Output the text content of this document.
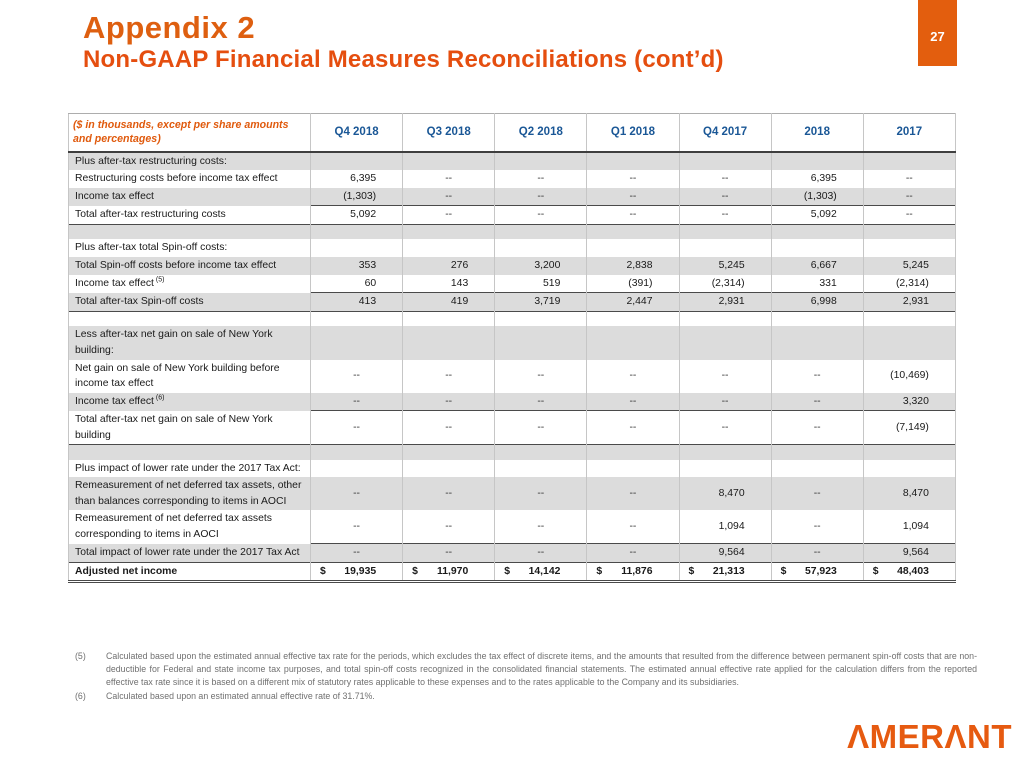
Appendix 2
Non-GAAP Financial Measures Reconciliations (cont’d)
27
($ in thousands, except per share amounts and percentages)	Q4 2018	Q3 2018	Q2 2018	Q1 2018	Q4 2017	2018	2017
Plus after-tax restructuring costs:							
Restructuring costs before income tax effect	6,395	--	--	--	--	6,395	--
Income tax effect	(1,303)	--	--	--	--	(1,303)	--
Total after-tax restructuring costs	5,092	--	--	--	--	5,092	--

Plus after-tax total Spin-off costs:							
Total Spin-off costs before income tax effect	353	276	3,200	2,838	5,245	6,667	5,245
Income tax effect $^{(5)}$	60	143	519	(391)	(2,314)	331	(2,314)
Total after-tax Spin-off costs	413	419	3,719	2,447	2,931	6,998	2,931

Less after-tax net gain on sale of New York building:							
Net gain on sale of New York building before income tax effect	--	--	--	--	--	--	(10,469)
Income tax effect $^{(6)}$	--	--	--	--	--	--	3,320
Total after-tax net gain on sale of New York building	--	--	--	--	--	--	(7,149)

Plus impact of lower rate under the 2017 Tax Act:							
Remeasurement of net deferred tax assets, other than balances corresponding to items in AOCI	--	--	--	--	8,470	--	8,470
Remeasurement of net deferred tax assets corresponding to items in AOCI	--	--	--	--	1,094	--	1,094
Total impact of lower rate under the 2017 Tax Act	--	--	--	--	9,564	--	9,564
Adjusted net income	$ 19,935	$ 11,970	$ 14,142	$ 11,876	$ 21,313	$ 57,923	$ 48,403
(5)	Calculated based upon the estimated annual effective tax rate for the periods, which excludes the tax effect of discrete items, and the amounts that resulted from the difference between permanent spin-off costs that are non-deductible for Federal and state income tax purposes, and total spin-off costs recognized in the consolidated financial statements. The estimated annual effective rate applied for the calculation differs from the reported effective tax rate since it is based on a different mix of statutory rates applicable to these expenses and to the rates applicable to the Company and its subsidiaries.
(6)	Calculated based upon an estimated annual effective rate of 31.71%.
ΛMERΛNT
